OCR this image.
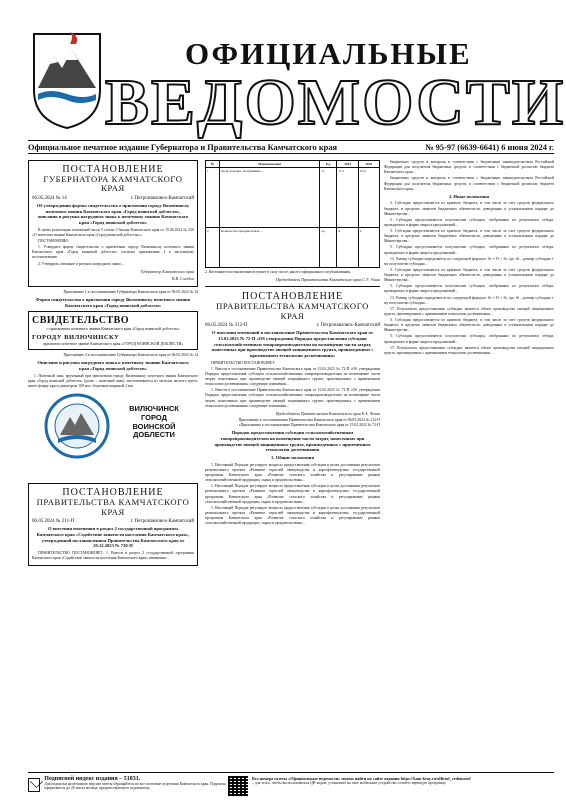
ОФИЦИАЛЬНЫЕ
ВЕДОМОСТИ
Официальное печатное издание Губернатора и Правительства Камчатского края	№ 95-97 (6639-6641) 6 июня 2024 г.
ПОСТАНОВЛЕНИЕ
ГУБЕРНАТОРА КАМЧАТСКОГО КРАЯ
06.05.2024 № 14	г. Петропавловск-Камчатский
Об утверждении формы свидетельства о присвоении городу Вилючинску почетного звания Камчатского края «Город воинской доблести», описания и рисунка нагрудного знака к почетному званию Камчатского края «Город воинской доблести»

В целях реализации положений части 5 статьи 3 Закона Камчатского края от 15.06.2024 № 350 «О почетном звании Камчатского края «Город воинской доблести»»

ПОСТАНОВЛЯЮ:

1. Утвердить форму свидетельства о присвоении городу Вилючинску почетного звания Камчатского края «Город воинской доблести» согласно приложению 1 к настоящему постановлению.

2. Утвердить описание и рисунок нагрудного знака ...

Губернатор Камчатского края
В.В. Солодов
Приложение 1 к постановлению Губернатора Камчатского края от 06.05.2024 № 14
Форма свидетельства о присвоении городу Вилючинску почетного звания Камчатского края «Город воинской доблести»
СВИДЕТЕЛЬСТВО
о присвоении почетного звания Камчатского края «Город воинской доблести»
ГОРОДУ ВИЛЮЧИНСКУ
присвоено почетное звание Камчатского края «ГОРОД ВОИНСКОЙ ДОБЛЕСТИ»
Приложение 2 к постановлению Губернатора Камчатского края от 06.05.2024 № 14
Описание и рисунок нагрудного знака к почетному званию Камчатского края «Город воинской доблести»

1. Почетный знак, врученный при присвоении городу Вилючинску почетного звания Камчатского края «Город воинской доблести» (далее – почетный знак), изготавливается из металла желтого цвета, имеет форму круга диаметром 100 мм с бортиком шириной 2 мм.

ВИЛЮЧИНСК ГОРОД ВОИНСКОЙ ДОБЛЕСТИ
ПОСТАНОВЛЕНИЕ
ПРАВИТЕЛЬСТВА КАМЧАТСКОГО КРАЯ
06.05.2024 № 211-П	г. Петропавловск-Камчатский
О внесении изменения в раздел 2 государственной программы Камчатского края «Содействие занятости населения Камчатского края», утвержденной постановлением Правительства Камчатского края от 29.12.2023 № 720-П

ПРАВИТЕЛЬСТВО ПОСТАНОВЛЯЕТ: 1. Внести в раздел 2 государственной программы Камчатского края «Содействие занятости населения Камчатского края» изменения...

№	Наименование	Ед.	2024	2025
1	Доля граждан, получивших ...	%	17,1	19,0
2	Количество приоритетных ...	ед.	4	4
2. Настоящее постановление вступает в силу после дня его официального опубликования.
Председатель Правительства Камчатского края С.Э. Ушан
ПОСТАНОВЛЕНИЕ
ПРАВИТЕЛЬСТВА КАМЧАТСКОГО КРАЯ
06.05.2024 № 212-П	г. Петропавловск-Камчатский
О внесении изменений в постановление Правительства Камчатского края от 15.02.2023 № 72-П «Об утверждении Порядка предоставления субсидии сельскохозяйственным товаропроизводителям на возмещение части затрат, понесенных при производстве овощей защищенного грунта, произведенных с применением технологии досвечивания»

ПРАВИТЕЛЬСТВО ПОСТАНОВЛЯЕТ:

1. Внести в постановление Правительства Камчатского края от 15.02.2023 № 72-П «Об утверждении Порядка предоставления субсидии сельскохозяйственным товаропроизводителям на возмещение части затрат, понесенных при производстве овощей защищенного грунта, произведенных с применением технологии досвечивания» следующие изменения...

1. Внести в постановление Правительства Камчатского края от 15.02.2023 № 72-П «Об утверждении Порядка предоставления субсидии сельскохозяйственным товаропроизводителям на возмещение части затрат, понесенных при производстве овощей защищенного грунта, произведенных с применением технологии досвечивания» следующие изменения...

Председатель Правительства Камчатского края Е.А. Чекин
Приложение к постановлению Правительства Камчатского края от 06.05.2024 № 212-П
«Приложение к постановлению Правительства Камчатского края от 15.02.2023 № 72-П
Порядок предоставления субсидии сельскохозяйственным товаропроизводителям на возмещение части затрат, понесенных при производстве овощей защищенного грунта, произведенных с применением технологии досвечивания
1. Общие положения

1. Настоящий Порядок регулирует вопросы предоставления субсидии в целях достижения результатов регионального проекта «Развитие отраслей овощеводства и картофелеводства» государственной программы Камчатского края «Развитие сельского хозяйства и регулирование рынков сельскохозяйственной продукции, сырья и продовольствия»...

1. Настоящий Порядок регулирует вопросы предоставления субсидии в целях достижения результатов регионального проекта «Развитие отраслей овощеводства и картофелеводства» государственной программы Камчатского края «Развитие сельского хозяйства и регулирование рынков сельскохозяйственной продукции, сырья и продовольствия»...

1. Настоящий Порядок регулирует вопросы предоставления субсидии в целях достижения результатов регионального проекта «Развитие отраслей овощеводства и картофелеводства» государственной программы Камчатского края «Развитие сельского хозяйства и регулирование рынков сельскохозяйственной продукции, сырья и продовольствия»...

бюджетных средств и контроля в соответствии с бюджетным законодательством Российской Федерации для получателя бюджетных средств, в соответствии с бюджетной росписью бюджета Камчатского края...

бюджетных средств и контроля в соответствии с бюджетным законодательством Российской Федерации для получателя бюджетных средств, в соответствии с бюджетной росписью бюджета Камчатского края...

2. Иные положения

3. Субсидия предоставляется из краевого бюджета, в том числе за счет средств федерального бюджета, в пределах лимитов бюджетных обязательств, доведенных в установленном порядке до Министерства...

5. Субсидия предоставляется получателям субсидии, отобранным по результатам отбора, проводимого в форме запроса предложений...

3. Субсидия предоставляется из краевого бюджета, в том числе за счет средств федерального бюджета, в пределах лимитов бюджетных обязательств, доведенных в установленном порядке до Министерства...

5. Субсидия предоставляется получателям субсидии, отобранным по результатам отбора, проводимого в форме запроса предложений...

13. Размер субсидии определяется по следующей формуле: Si = Vi × St, где: Si – размер субсидии i-му получателю субсидии...

3. Субсидия предоставляется из краевого бюджета, в том числе за счет средств федерального бюджета, в пределах лимитов бюджетных обязательств, доведенных в установленном порядке до Министерства...

5. Субсидия предоставляется получателям субсидии, отобранным по результатам отбора, проводимого в форме запроса предложений...

13. Размер субсидии определяется по следующей формуле: Si = Vi × St, где: Si – размер субсидии i-му получателю субсидии...

17. Результатом предоставления субсидии является объем производства овощей защищенного грунта, произведенных с применением технологии досвечивания...

3. Субсидия предоставляется из краевого бюджета, в том числе за счет средств федерального бюджета, в пределах лимитов бюджетных обязательств, доведенных в установленном порядке до Министерства...

5. Субсидия предоставляется получателям субсидии, отобранным по результатам отбора, проводимого в форме запроса предложений...

17. Результатом предоставления субсидии является объем производства овощей защищенного грунта, произведенных с применением технологии досвечивания...

Подписной индекс издания – 51831.
Для подписки на печатную версию газеты обращайтесь во все почтовые отделения Камчатского края. Подписка оформляется до 26 числа месяца, предшествующего подписному.
Все номера газеты «Официальные ведомости» можно найти на сайте издания https://kam-kray.ru/official_vedomosti/
– для этого, чтобы воспользоваться QR-кодом, установите на свое мобильное устройство соответствующую программу.
